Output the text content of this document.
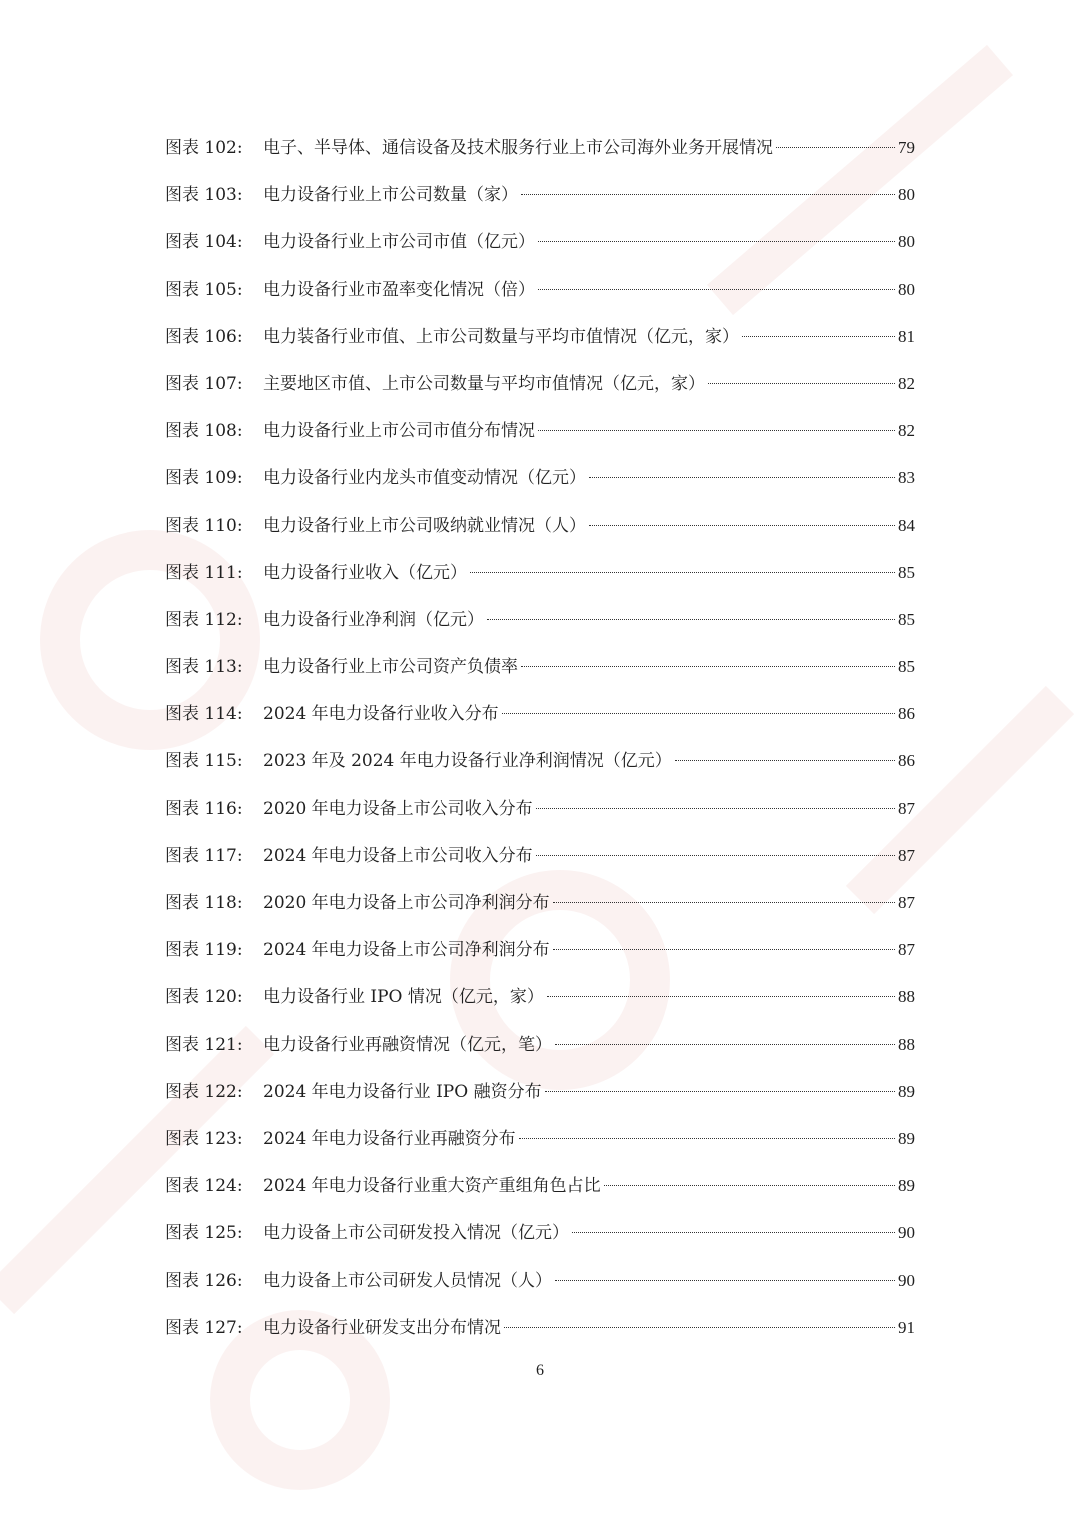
图表 102:	电子、半导体、通信设备及技术服务行业上市公司海外业务开展情况	79
图表 103:	电力设备行业上市公司数量（家）	80
图表 104:	电力设备行业上市公司市值（亿元）	80
图表 105:	电力设备行业市盈率变化情况（倍）	80
图表 106:	电力装备行业市值、上市公司数量与平均市值情况（亿元，家）	81
图表 107:	主要地区市值、上市公司数量与平均市值情况（亿元，家）	82
图表 108:	电力设备行业上市公司市值分布情况	82
图表 109:	电力设备行业内龙头市值变动情况（亿元）	83
图表 110:	电力设备行业上市公司吸纳就业情况（人）	84
图表 111:	电力设备行业收入（亿元）	85
图表 112:	电力设备行业净利润（亿元）	85
图表 113:	电力设备行业上市公司资产负债率	85
图表 114:	2024 年电力设备行业收入分布	86
图表 115:	2023 年及 2024 年电力设备行业净利润情况（亿元）	86
图表 116:	2020 年电力设备上市公司收入分布	87
图表 117:	2024 年电力设备上市公司收入分布	87
图表 118:	2020 年电力设备上市公司净利润分布	87
图表 119:	2024 年电力设备上市公司净利润分布	87
图表 120:	电力设备行业 IPO 情况（亿元，家）	88
图表 121:	电力设备行业再融资情况（亿元，笔）	88
图表 122:	2024 年电力设备行业 IPO 融资分布	89
图表 123:	2024 年电力设备行业再融资分布	89
图表 124:	2024 年电力设备行业重大资产重组角色占比	89
图表 125:	电力设备上市公司研发投入情况（亿元）	90
图表 126:	电力设备上市公司研发人员情况（人）	90
图表 127:	电力设备行业研发支出分布情况	91
6
